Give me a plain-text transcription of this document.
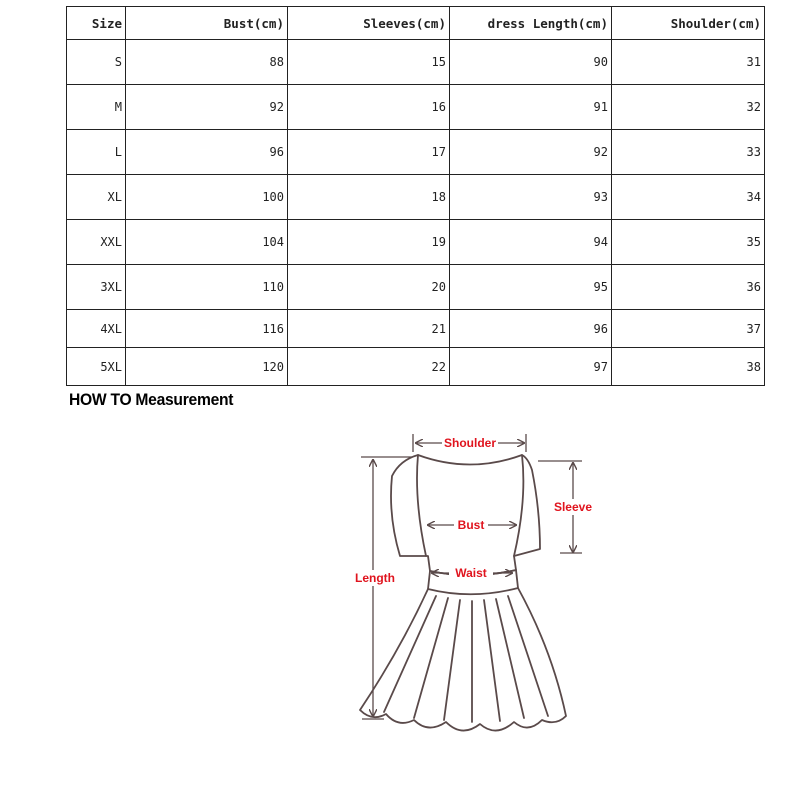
Size	Bust(cm)	Sleeves(cm)	dress Length(cm)	Shoulder(cm)
S	88	15	90	31
M	92	16	91	32
L	96	17	92	33
XL	100	18	93	34
XXL	104	19	94	35
3XL	110	20	95	36
4XL	116	21	96	37
5XL	120	22	97	38
HOW TO Measurement
Shoulder
Bust
Waist
Sleeve
Length
